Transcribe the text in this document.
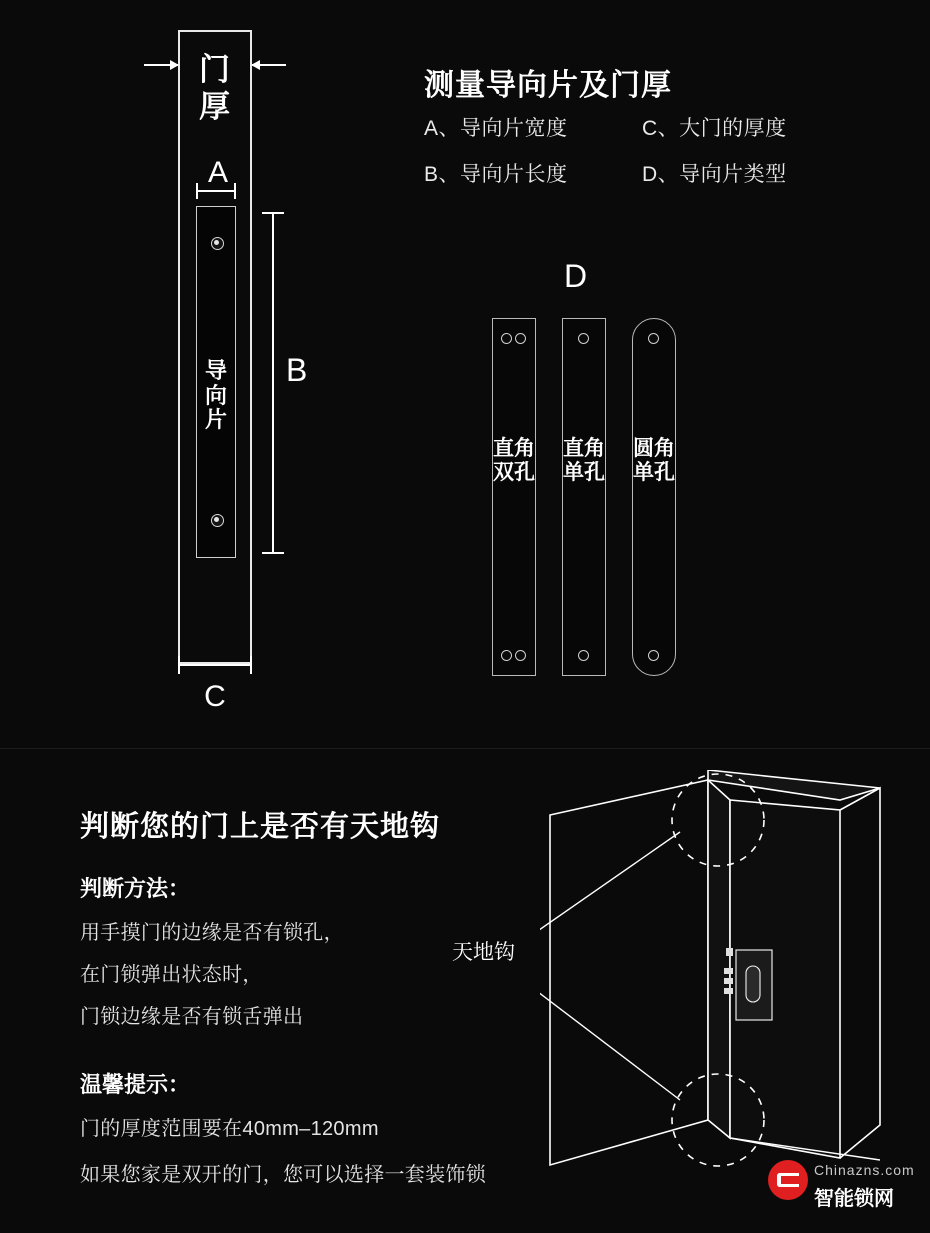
门厚
A
导向片
B
C
测量导向片及门厚
A、导向片宽度	C、大门的厚度
B、导向片长度	D、导向片类型
D
直角双孔
直角单孔
圆角单孔
判断您的门上是否有天地钩
判断方法：
用手摸门的边缘是否有锁孔，
在门锁弹出状态时，
门锁边缘是否有锁舌弹出
温馨提示：
门的厚度范围要在40mm–120mm
如果您家是双开的门，您可以选择一套装饰锁
天地钩
Chinazns.com
智能锁网
